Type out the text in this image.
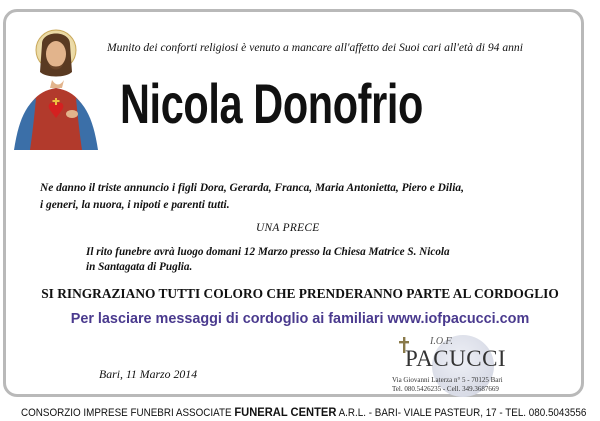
Munito dei conforti religiosi è venuto a mancare all'affetto dei Suoi cari all'età di 94 anni
Nicola Donofrio
Ne danno il triste annuncio i figli Dora, Gerarda, Franca, Maria Antonietta, Piero e Dilia,
i generi, la nuora, i nipoti e parenti tutti.
UNA PRECE
Il rito funebre avrà luogo domani 12 Marzo presso la Chiesa Matrice S. Nicola
in Santagata di Puglia.
SI RINGRAZIANO TUTTI COLORO CHE PRENDERANNO PARTE AL CORDOGLIO
Per lasciare messaggi di cordoglio ai familiari www.iofpacucci.com
Bari, 11 Marzo 2014
I.O.F.
PACUCCI
Via Giovanni Laterza n° 5 - 70125 Bari
Tel. 080.5426235 - Cell. 349.3687669
CONSORZIO IMPRESE FUNEBRI ASSOCIATE FUNERAL CENTER A.R.L. - BARI- VIALE PASTEUR, 17 - TEL. 080.5043556
